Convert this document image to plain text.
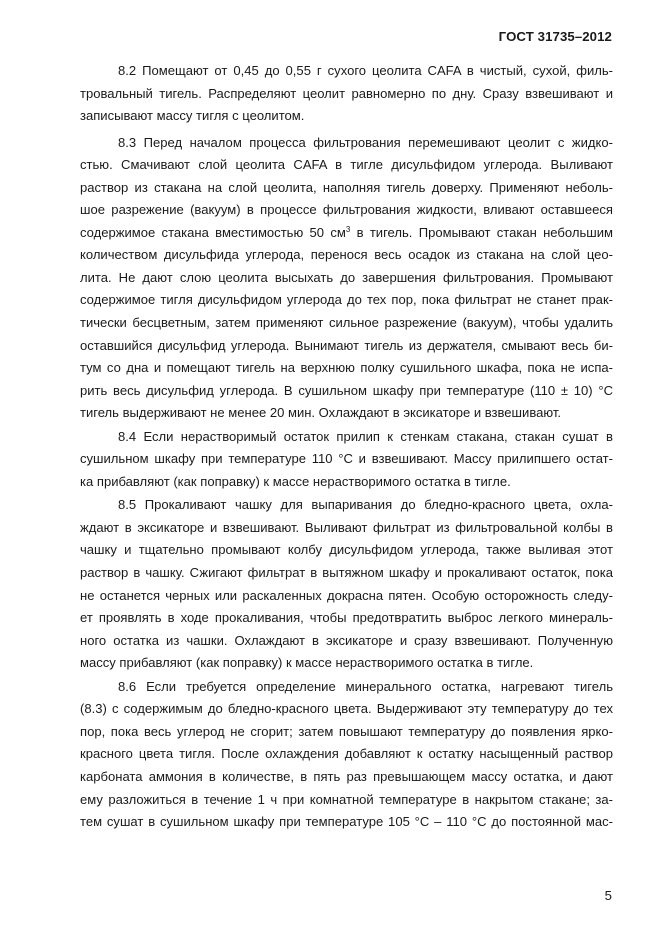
ГОСТ 31735–2012

8.2 Помещают от 0,45 до 0,55 г сухого цеолита CAFA в чистый, сухой, филь-
тровальный тигель. Распределяют цеолит равномерно по дну. Сразу взвешивают и
записывают массу тигля с цеолитом.

8.3 Перед началом процесса фильтрования перемешивают цеолит с жидко-
стью. Смачивают слой цеолита CAFA в тигле дисульфидом углерода. Выливают
раствор из стакана на слой цеолита, наполняя тигель доверху. Применяют неболь-
шое разрежение (вакуум) в процессе фильтрования жидкости, вливают оставшееся
содержимое стакана вместимостью 50 $см^3$ в тигель. Промывают стакан небольшим
количеством дисульфида углерода, перенося весь осадок из стакана на слой цео-
лита. Не дают слою цеолита высыхать до завершения фильтрования. Промывают
содержимое тигля дисульфидом углерода до тех пор, пока фильтрат не станет прак-
тически бесцветным, затем применяют сильное разрежение (вакуум), чтобы удалить
оставшийся дисульфид углерода. Вынимают тигель из держателя, смывают весь би-
тум со дна и помещают тигель на верхнюю полку сушильного шкафа, пока не испа-
рить весь дисульфид углерода. В сушильном шкафу при температуре (110 ± 10) °С
тигель выдерживают не менее 20 мин. Охлаждают в эксикаторе и взвешивают.

8.4 Если нерастворимый остаток прилип к стенкам стакана, стакан сушат в
сушильном шкафу при температуре 110 °С и взвешивают. Массу прилипшего остат-
ка прибавляют (как поправку) к массе нерастворимого остатка в тигле.

8.5 Прокаливают чашку для выпаривания до бледно-красного цвета, охла-
ждают в эксикаторе и взвешивают. Выливают фильтрат из фильтровальной колбы в
чашку и тщательно промывают колбу дисульфидом углерода, также выливая этот
раствор в чашку. Сжигают фильтрат в вытяжном шкафу и прокаливают остаток, пока
не останется черных или раскаленных докрасна пятен. Особую осторожность следу-
ет проявлять в ходе прокаливания, чтобы предотвратить выброс легкого минераль-
ного остатка из чашки. Охлаждают в эксикаторе и сразу взвешивают. Полученную
массу прибавляют (как поправку) к массе нерастворимого остатка в тигле.

8.6 Если требуется определение минерального остатка, нагревают тигель
(8.3) с содержимым до бледно-красного цвета. Выдерживают эту температуру до тех
пор, пока весь углерод не сгорит; затем повышают температуру до появления ярко-
красного цвета тигля. После охлаждения добавляют к остатку насыщенный раствор
карбоната аммония в количестве, в пять раз превышающем массу остатка, и дают
ему разложиться в течение 1 ч при комнатной температуре в накрытом стакане; за-
тем сушат в сушильном шкафу при температуре 105 °С – 110 °С до постоянной мас-

5
